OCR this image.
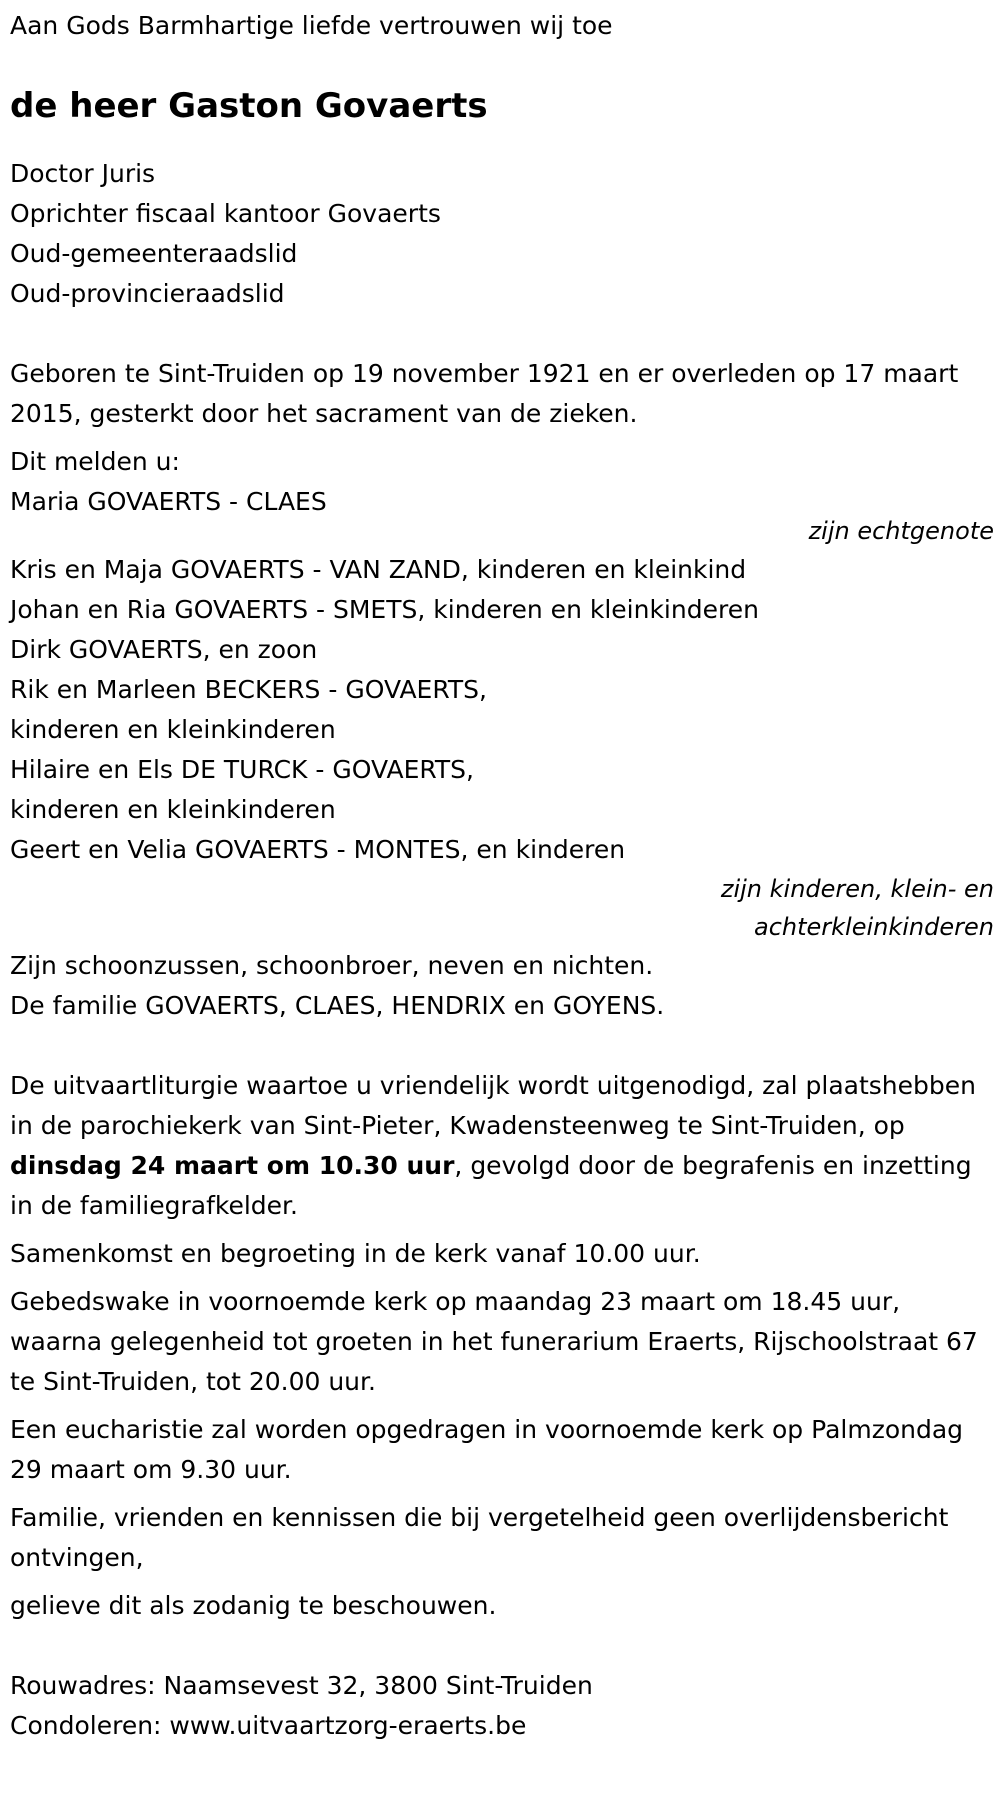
Aan Gods Barmhartige liefde vertrouwen wij toe

de heer Gaston Govaerts

Doctor Juris

Oprichter fiscaal kantoor Govaerts

Oud-gemeenteraadslid

Oud-provincieraadslid

Geboren te Sint-Truiden op 19 november 1921 en er overleden op 17 maart 2015, gesterkt door het sacrament van de zieken.

Dit melden u:

Maria GOVAERTS - CLAES

zijn echtgenote

Kris en Maja GOVAERTS - VAN ZAND, kinderen en kleinkind

Johan en Ria GOVAERTS - SMETS, kinderen en kleinkinderen

Dirk GOVAERTS, en zoon

Rik en Marleen BECKERS - GOVAERTS,

kinderen en kleinkinderen

Hilaire en Els DE TURCK - GOVAERTS,

kinderen en kleinkinderen

Geert en Velia GOVAERTS - MONTES, en kinderen

zijn kinderen, klein- en achterkleinkinderen

Zijn schoonzussen, schoonbroer, neven en nichten.

De familie GOVAERTS, CLAES, HENDRIX en GOYENS.

De uitvaartliturgie waartoe u vriendelijk wordt uitgenodigd, zal plaatshebben in de parochiekerk van Sint-Pieter, Kwadensteenweg te Sint-Truiden, op dinsdag 24 maart om 10.30 uur, gevolgd door de begrafenis en inzetting in de familiegrafkelder.

Samenkomst en begroeting in de kerk vanaf 10.00 uur.

Gebedswake in voornoemde kerk op maandag 23 maart om 18.45 uur, waarna gelegenheid tot groeten in het funerarium Eraerts, Rijschoolstraat 67 te Sint-Truiden, tot 20.00 uur.

Een eucharistie zal worden opgedragen in voornoemde kerk op Palmzondag 29 maart om 9.30 uur.

Familie, vrienden en kennissen die bij vergetelheid geen overlijdensbericht ontvingen,

gelieve dit als zodanig te beschouwen.

Rouwadres: Naamsevest 32, 3800 Sint-Truiden

Condoleren: www.uitvaartzorg-eraerts.be
